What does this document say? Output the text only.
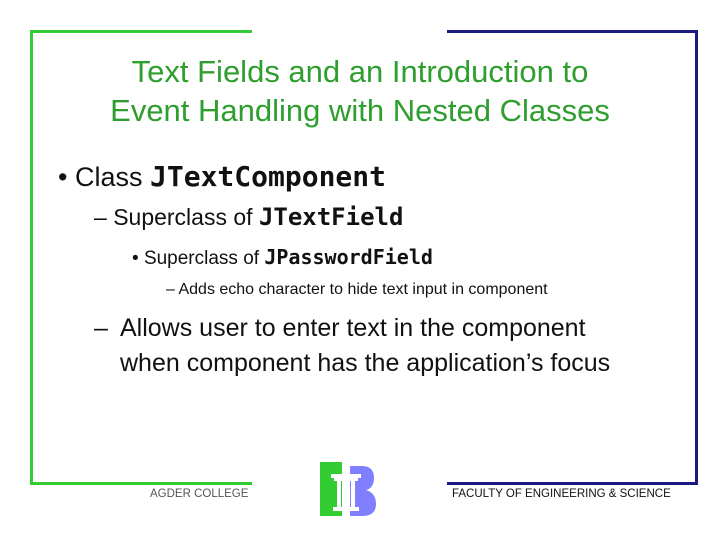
Text Fields and an Introduction to
Event Handling with Nested Classes
• Class JTextComponent
– Superclass of JTextField
• Superclass of JPasswordField
– Adds echo character to hide text input in component
– Allows user to enter text in the component when component has the application’s focus
AGDER COLLEGE	FACULTY OF ENGINEERING & SCIENCE
